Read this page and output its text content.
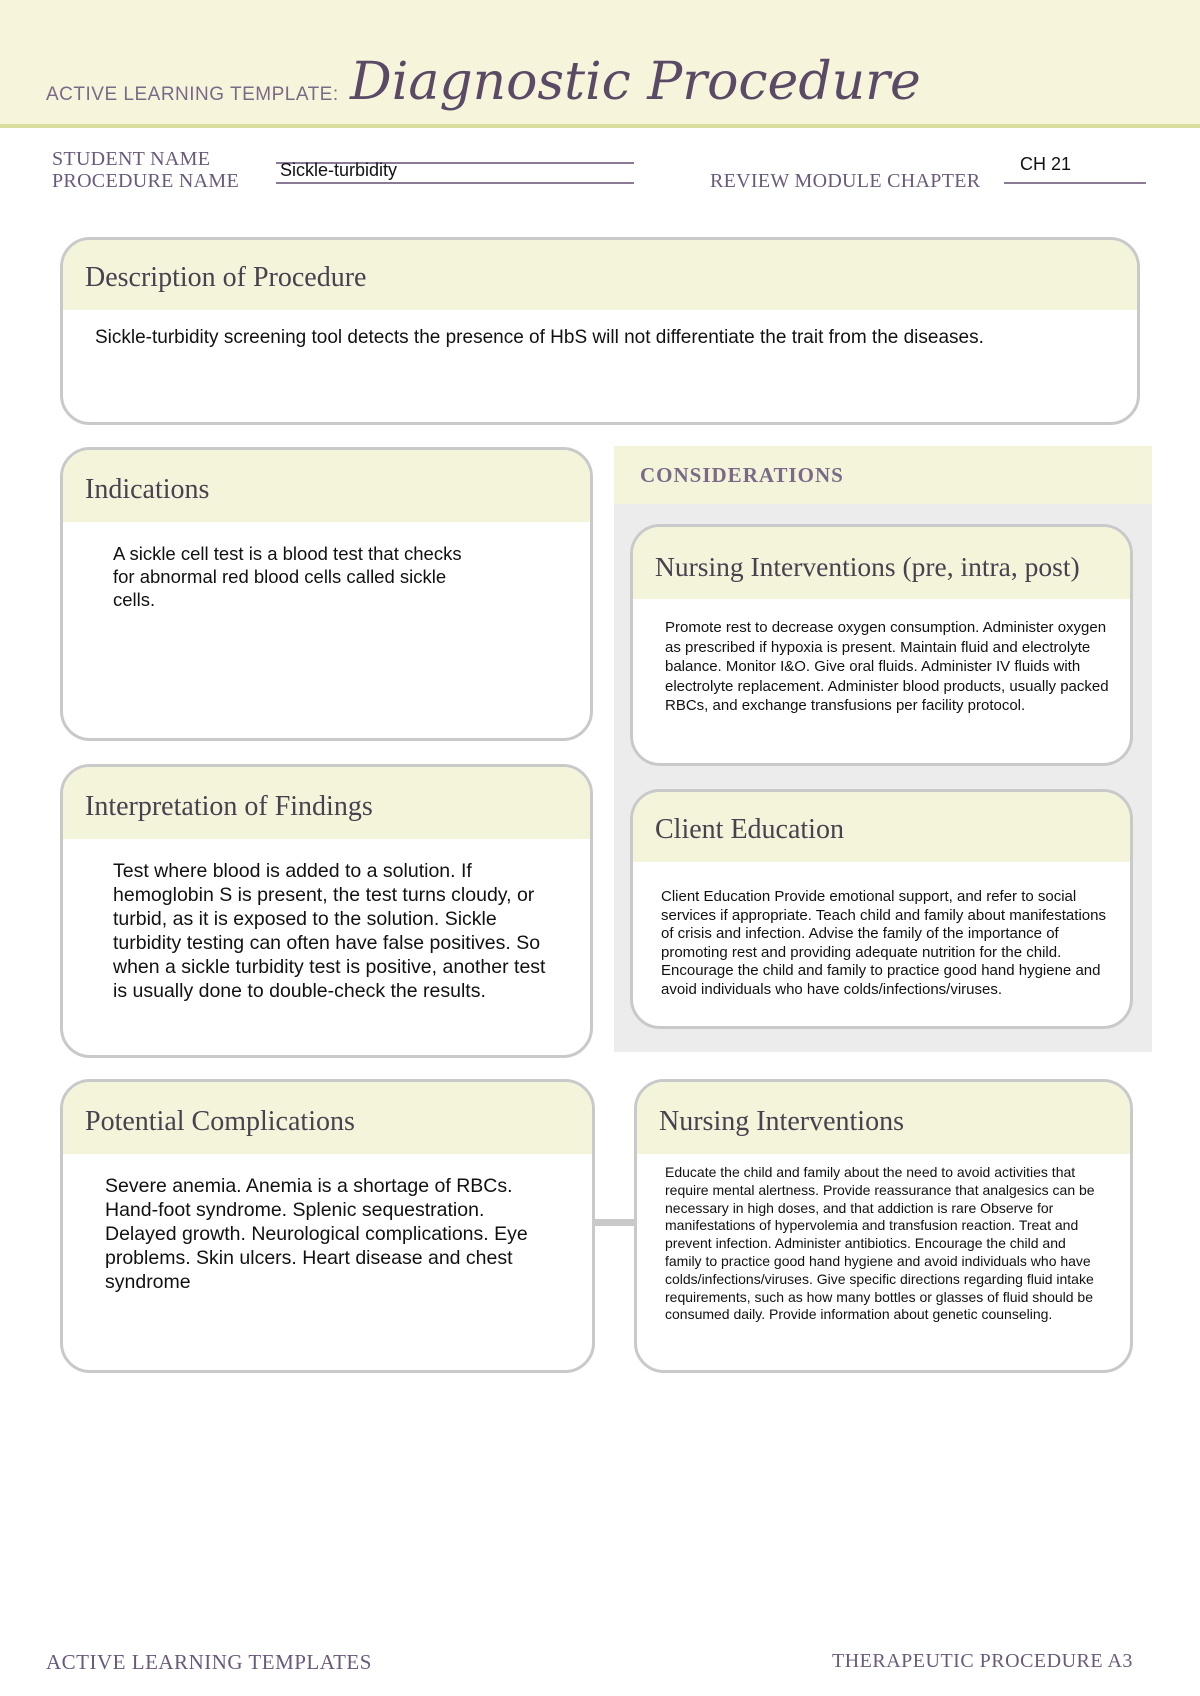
ACTIVE LEARNING TEMPLATE: Diagnostic Procedure
STUDENT NAME
PROCEDURE NAME Sickle-turbidity	REVIEW MODULE CHAPTER
CH 21
Description of Procedure
Sickle-turbidity screening tool detects the presence of HbS will not differentiate the trait from the diseases.
Indications
A sickle cell test is a blood test that checks for abnormal red blood cells called sickle cells.
Interpretation of Findings
Test where blood is added to a solution. If hemoglobin S is present, the test turns cloudy, or turbid, as it is exposed to the solution. Sickle turbidity testing can often have false positives. So when a sickle turbidity test is positive, another test is usually done to double-check the results.
CONSIDERATIONS
Nursing Interventions (pre, intra, post)
Promote rest to decrease oxygen consumption. Administer oxygen as prescribed if hypoxia is present. Maintain fluid and electrolyte balance. Monitor I&O. Give oral fluids. Administer IV fluids with electrolyte replacement. Administer blood products, usually packed RBCs, and exchange transfusions per facility protocol.
Client Education
Client Education Provide emotional support, and refer to social services if appropriate. Teach child and family about manifestations of crisis and infection. Advise the family of the importance of promoting rest and providing adequate nutrition for the child. Encourage the child and family to practice good hand hygiene and avoid individuals who have colds/infections/viruses.
Potential Complications
Severe anemia. Anemia is a shortage of RBCs. Hand-foot syndrome. Splenic sequestration. Delayed growth. Neurological complications. Eye problems. Skin ulcers. Heart disease and chest syndrome
Nursing Interventions
Educate the child and family about the need to avoid activities that require mental alertness. Provide reassurance that analgesics can be necessary in high doses, and that addiction is rare Observe for manifestations of hypervolemia and transfusion reaction. Treat and prevent infection. Administer antibiotics. Encourage the child and family to practice good hand hygiene and avoid individuals who have colds/infections/viruses. Give specific directions regarding fluid intake requirements, such as how many bottles or glasses of fluid should be consumed daily. Provide information about genetic counseling.
ACTIVE LEARNING TEMPLATES	THERAPEUTIC PROCEDURE A3
